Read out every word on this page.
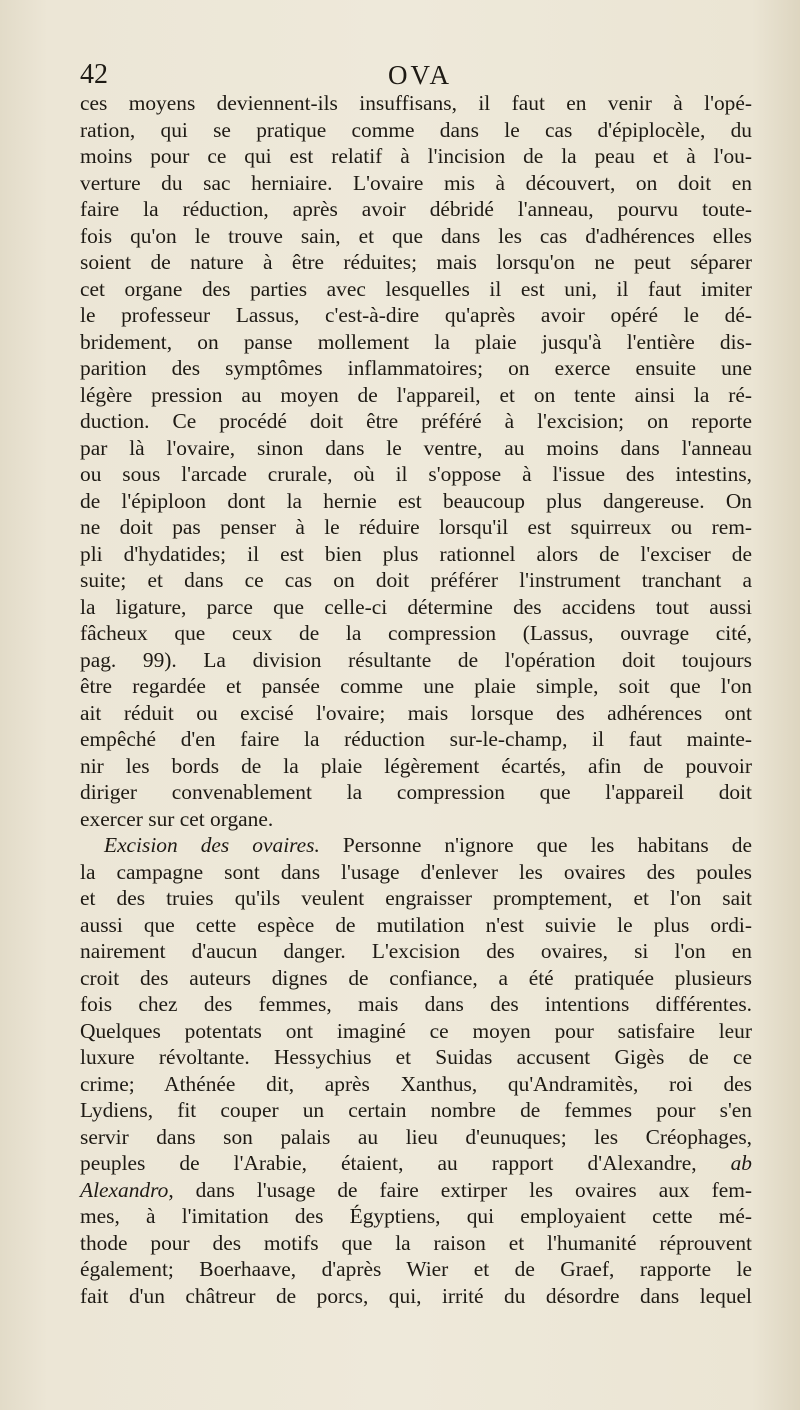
42	OVA
ces moyens deviennent-ils insuffisans, il faut en venir à l'opé-
ration, qui se pratique comme dans le cas d'épiplocèle, du
moins pour ce qui est relatif à l'incision de la peau et à l'ou-
verture du sac herniaire. L'ovaire mis à découvert, on doit en
faire la réduction, après avoir débridé l'anneau, pourvu toute-
fois qu'on le trouve sain, et que dans les cas d'adhérences elles
soient de nature à être réduites; mais lorsqu'on ne peut séparer
cet organe des parties avec lesquelles il est uni, il faut imiter
le professeur Lassus, c'est-à-dire qu'après avoir opéré le dé-
bridement, on panse mollement la plaie jusqu'à l'entière dis-
parition des symptômes inflammatoires; on exerce ensuite une
légère pression au moyen de l'appareil, et on tente ainsi la ré-
duction. Ce procédé doit être préféré à l'excision; on reporte
par là l'ovaire, sinon dans le ventre, au moins dans l'anneau
ou sous l'arcade crurale, où il s'oppose à l'issue des intestins,
de l'épiploon dont la hernie est beaucoup plus dangereuse. On
ne doit pas penser à le réduire lorsqu'il est squirreux ou rem-
pli d'hydatides; il est bien plus rationnel alors de l'exciser de
suite; et dans ce cas on doit préférer l'instrument tranchant a
la ligature, parce que celle-ci détermine des accidens tout aussi
fâcheux que ceux de la compression (Lassus, ouvrage cité,
pag. 99). La division résultante de l'opération doit toujours
être regardée et pansée comme une plaie simple, soit que l'on
ait réduit ou excisé l'ovaire; mais lorsque des adhérences ont
empêché d'en faire la réduction sur-le-champ, il faut mainte-
nir les bords de la plaie légèrement écartés, afin de pouvoir
diriger convenablement la compression que l'appareil doit
exercer sur cet organe.
Excision des ovaires. Personne n'ignore que les habitans de
la campagne sont dans l'usage d'enlever les ovaires des poules
et des truies qu'ils veulent engraisser promptement, et l'on sait
aussi que cette espèce de mutilation n'est suivie le plus ordi-
nairement d'aucun danger. L'excision des ovaires, si l'on en
croit des auteurs dignes de confiance, a été pratiquée plusieurs
fois chez des femmes, mais dans des intentions différentes.
Quelques potentats ont imaginé ce moyen pour satisfaire leur
luxure révoltante. Hessychius et Suidas accusent Gigès de ce
crime; Athénée dit, après Xanthus, qu'Andramitès, roi des
Lydiens, fit couper un certain nombre de femmes pour s'en
servir dans son palais au lieu d'eunuques; les Créophages,
peuples de l'Arabie, étaient, au rapport d'Alexandre, ab
Alexandro, dans l'usage de faire extirper les ovaires aux fem-
mes, à l'imitation des Égyptiens, qui employaient cette mé-
thode pour des motifs que la raison et l'humanité réprouvent
également; Boerhaave, d'après Wier et de Graef, rapporte le
fait d'un châtreur de porcs, qui, irrité du désordre dans lequel
